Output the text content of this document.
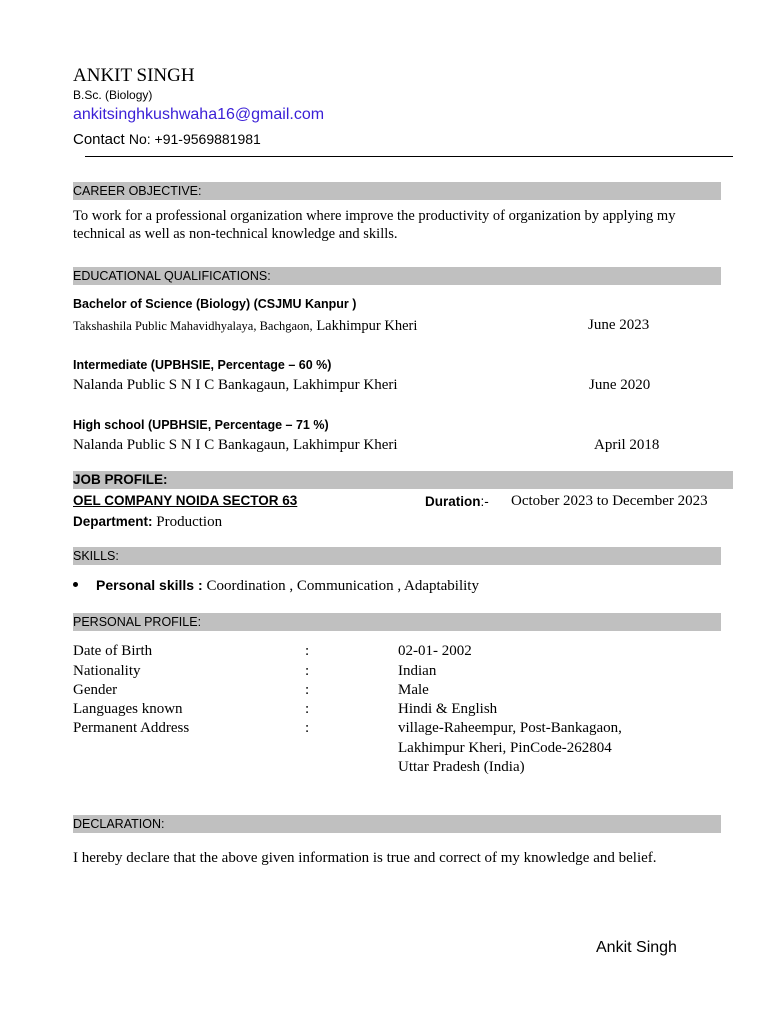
ANKIT SINGH
B.Sc. (Biology)
ankitsinghkushwaha16@gmail.com
Contact No: +91-9569881981
CAREER OBJECTIVE:
To work for a professional organization where improve the productivity of organization by applying my technical as well as non-technical knowledge and skills.
EDUCATIONAL QUALIFICATIONS:
Bachelor of Science (Biology) (CSJMU Kanpur )
Takshashila Public Mahavidhyalaya, Bachgaon, Lakhimpur Kheri	June 2023
Intermediate (UPBHSIE, Percentage – 60 %)
Nalanda Public S N I C Bankagaun, Lakhimpur Kheri	June 2020
High school (UPBHSIE, Percentage – 71 %)
Nalanda Public S N I C Bankagaun, Lakhimpur Kheri	April 2018
JOB PROFILE:
OEL COMPANY NOIDA SECTOR 63	Duration:- October 2023 to December 2023
Department: Production
SKILLS:
Personal skills : Coordination , Communication , Adaptability
PERSONAL PROFILE:
Date of Birth	:	02-01- 2002
Nationality	:	Indian
Gender	:	Male
Languages known	:	Hindi & English
Permanent Address	:	village-Raheempur, Post-Bankagaon,
Lakhimpur Kheri, PinCode-262804
Uttar Pradesh (India)
DECLARATION:
I hereby declare that the above given information is true and correct of my knowledge and belief.
Ankit Singh
